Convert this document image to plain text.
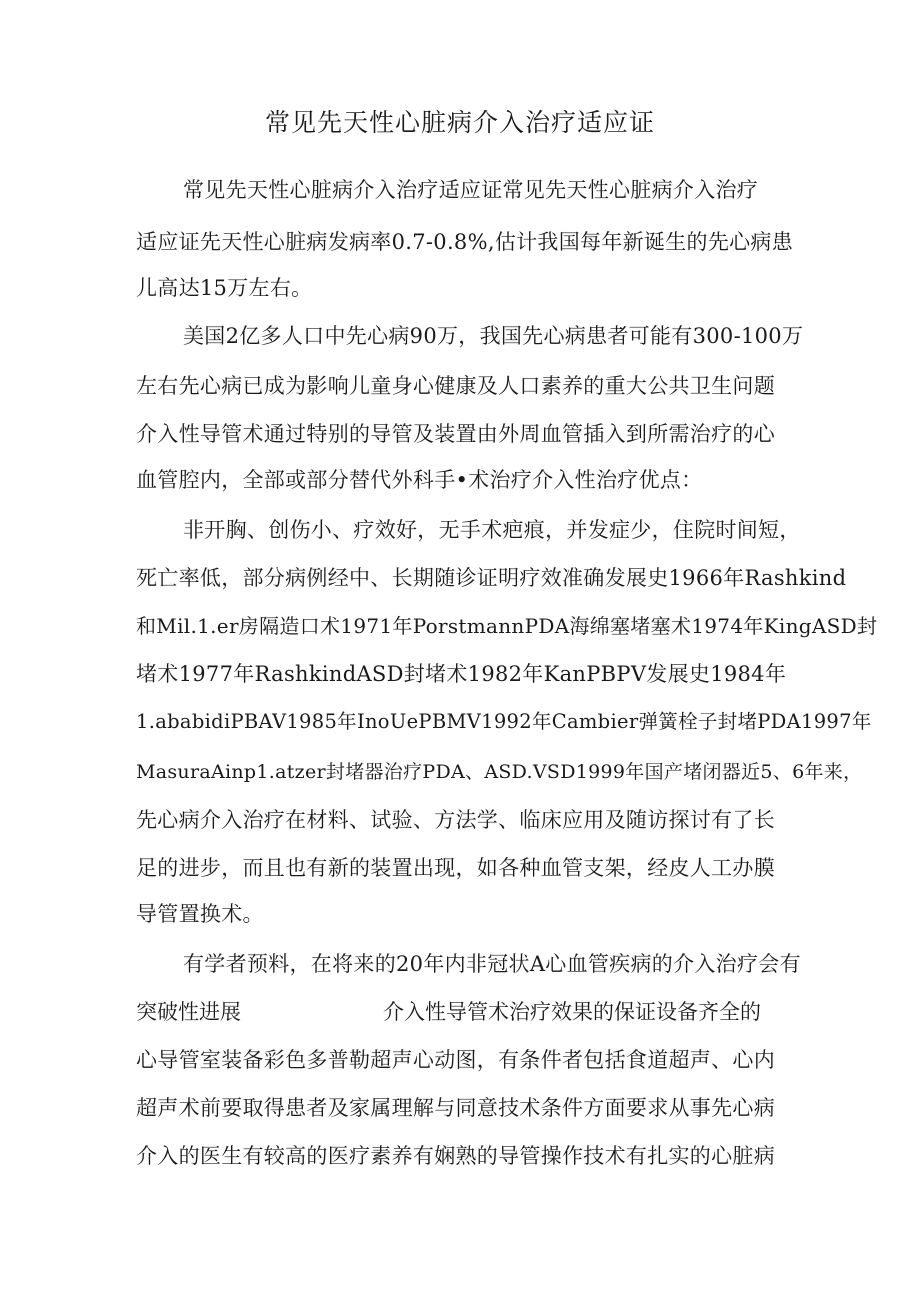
常见先天性心脏病介入治疗适应证
常见先天性心脏病介入治疗适应证常见先天性心脏病介入治疗
适应证先天性心脏病发病率0.7-0.8%,估计我国每年新诞生的先心病患
儿高达15万左右。
美国2亿多人口中先心病90万，我国先心病患者可能有300-100万
左右先心病已成为影响儿童身心健康及人口素养的重大公共卫生问题
介入性导管术通过特别的导管及装置由外周血管插入到所需治疗的心
血管腔内，全部或部分替代外科手•术治疗介入性治疗优点：
非开胸、创伤小、疗效好，无手术疤痕，并发症少，住院时间短，
死亡率低，部分病例经中、长期随诊证明疗效准确发展史1966年Rashkind
和Mil.1.er房隔造口术1971年PorstmannPDA海绵塞堵塞术1974年KingASD封
堵术1977年RashkindASD封堵术1982年KanPBPV发展史1984年
1.ababidiPBAV1985年InoUePBMV1992年Cambier弹簧栓子封堵PDA1997年
MasuraAinp1.atzer封堵器治疗PDA、ASD.VSD1999年国产堵闭器近5、6年来，
先心病介入治疗在材料、试验、方法学、临床应用及随访探讨有了长
足的进步，而且也有新的装置出现，如各种血管支架，经皮人工办膜
导管置换术。
有学者预料，在将来的20年内非冠状A心血管疾病的介入治疗会有
突破性进展	介入性导管术治疗效果的保证设备齐全的
心导管室装备彩色多普勒超声心动图，有条件者包括食道超声、心内
超声术前要取得患者及家属理解与同意技术条件方面要求从事先心病
介入的医生有较高的医疗素养有娴熟的导管操作技术有扎实的心脏病
